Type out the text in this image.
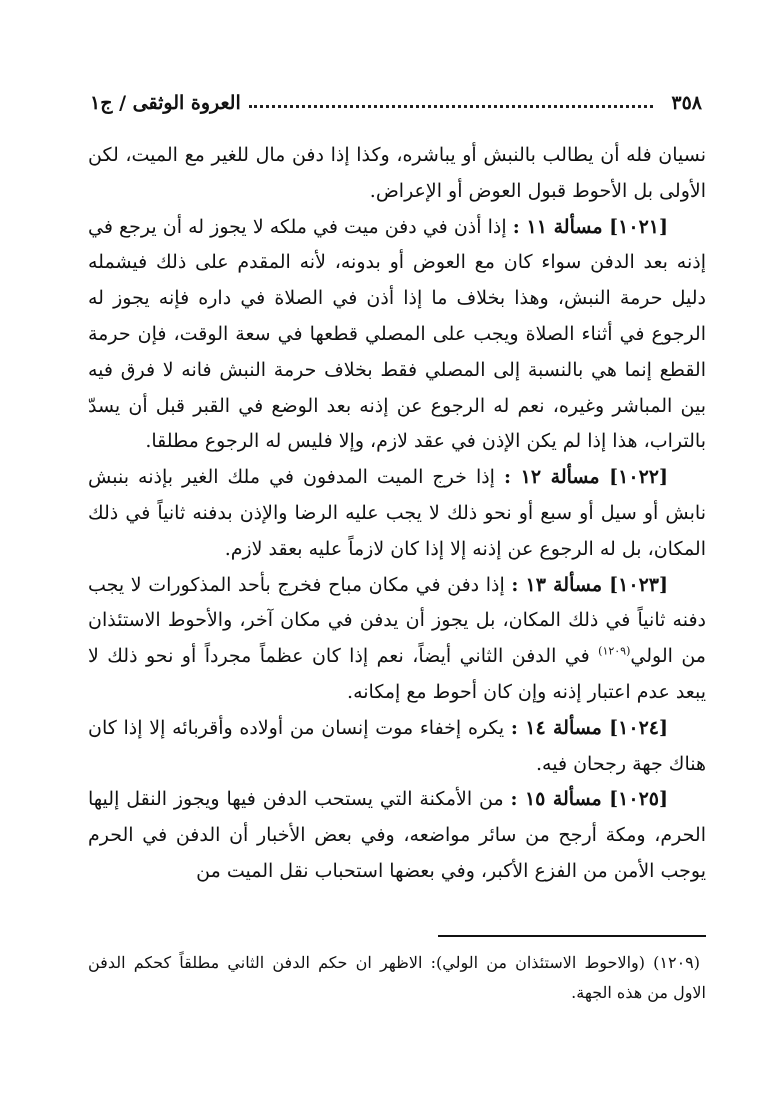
٣٥٨
العروة الوثقى / ج١

نسيان فله أن يطالب بالنبش أو يباشره، وكذا إذا دفن مال للغير مع الميت، لكن الأولى بل الأحوط قبول العوض أو الإعراض.

[١٠٢١] مسألة ١١ : إذا أذن في دفن ميت في ملكه لا يجوز له أن يرجع في إذنه بعد الدفن سواء كان مع العوض أو بدونه، لأنه المقدم على ذلك فيشمله دليل حرمة النبش، وهذا بخلاف ما إذا أذن في الصلاة في داره فإنه يجوز له الرجوع في أثناء الصلاة ويجب على المصلي قطعها في سعة الوقت، فإن حرمة القطع إنما هي بالنسبة إلى المصلي فقط بخلاف حرمة النبش فانه لا فرق فيه بين المباشر وغيره، نعم له الرجوع عن إذنه بعد الوضع في القبر قبل أن يسدّ بالتراب، هذا إذا لم يكن الإذن في عقد لازم، وإلا فليس له الرجوع مطلقا.

[١٠٢٢] مسألة ١٢ : إذا خرج الميت المدفون في ملك الغير بإذنه بنبش نابش أو سيل أو سبع أو نحو ذلك لا يجب عليه الرضا والإذن بدفنه ثانياً في ذلك المكان، بل له الرجوع عن إذنه إلا إذا كان لازماً عليه بعقد لازم.

[١٠٢٣] مسألة ١٣ : إذا دفن في مكان مباح فخرج بأحد المذكورات لا يجب دفنه ثانياً في ذلك المكان، بل يجوز أن يدفن في مكان آخر، والأحوط الاستئذان من الولي$^{(١٢٠٩)}$ في الدفن الثاني أيضاً، نعم إذا كان عظماً مجرداً أو نحو ذلك لا يبعد عدم اعتبار إذنه وإن كان أحوط مع إمكانه.

[١٠٢٤] مسألة ١٤ : يكره إخفاء موت إنسان من أولاده وأقربائه إلا إذا كان هناك جهة رجحان فيه.

[١٠٢٥] مسألة ١٥ : من الأمكنة التي يستحب الدفن فيها ويجوز النقل إليها الحرم، ومكة أرجح من سائر مواضعه، وفي بعض الأخبار أن الدفن في الحرم يوجب الأمن من الفزع الأكبر، وفي بعضها استحباب نقل الميت من

(١٢٠٩) (والاحوط الاستئذان من الولي): الاظهر ان حكم الدفن الثاني مطلقاً كحكم الدفن الاول من هذه الجهة.
